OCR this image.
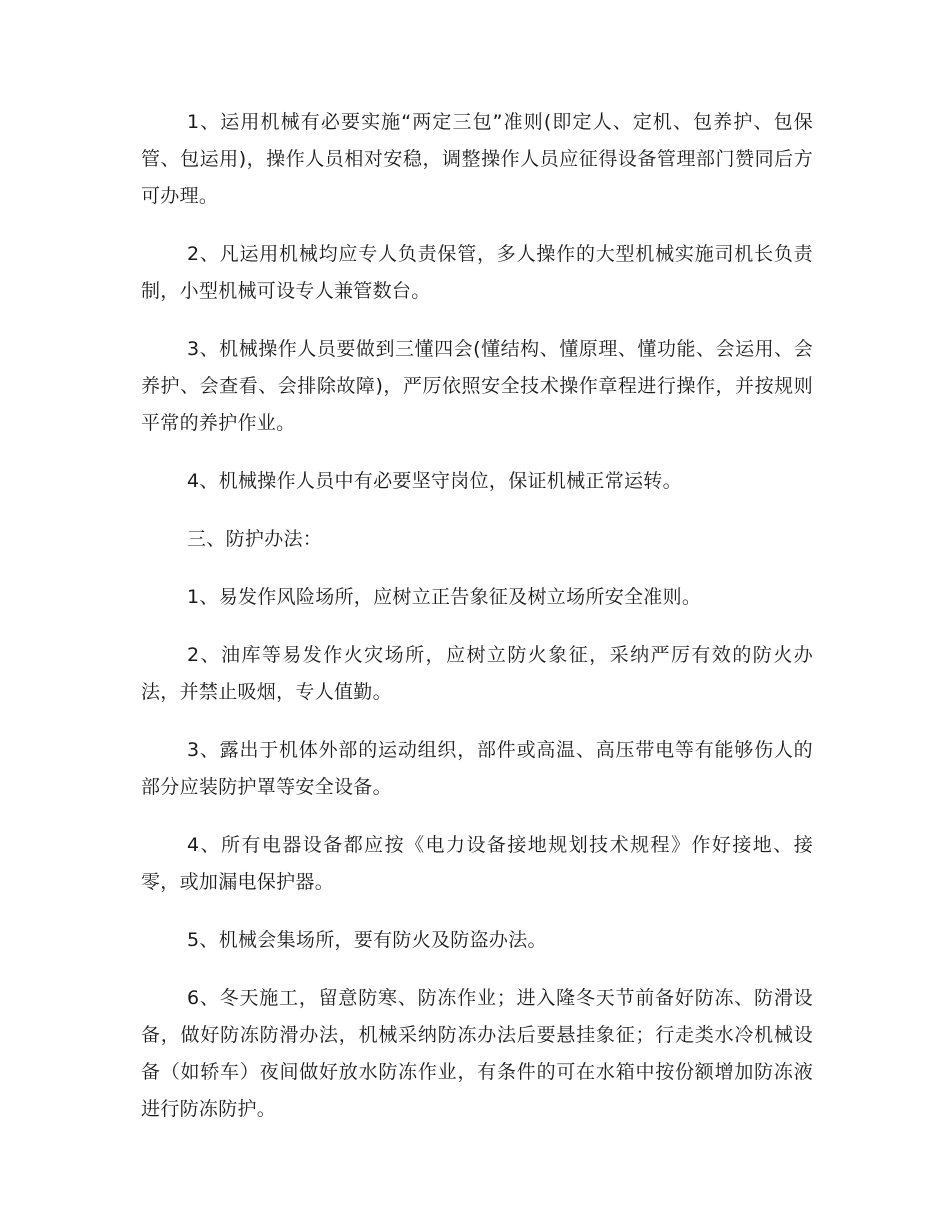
1、运用机械有必要实施“两定三包”准则(即定人、定机、包养护、包保管、包运用)，操作人员相对安稳，调整操作人员应征得设备管理部门赞同后方可办理。

2、凡运用机械均应专人负责保管，多人操作的大型机械实施司机长负责制，小型机械可设专人兼管数台。

3、机械操作人员要做到三懂四会(懂结构、懂原理、懂功能、会运用、会养护、会查看、会排除故障)，严厉依照安全技术操作章程进行操作，并按规则平常的养护作业。

4、机械操作人员中有必要坚守岗位，保证机械正常运转。

三、防护办法：

1、易发作风险场所，应树立正告象征及树立场所安全准则。

2、油库等易发作火灾场所，应树立防火象征，采纳严厉有效的防火办法，并禁止吸烟，专人值勤。

3、露出于机体外部的运动组织，部件或高温、高压带电等有能够伤人的部分应装防护罩等安全设备。

4、所有电器设备都应按《电力设备接地规划技术规程》作好接地、接零，或加漏电保护器。

5、机械会集场所，要有防火及防盗办法。

6、冬天施工，留意防寒、防冻作业；进入隆冬天节前备好防冻、防滑设备，做好防冻防滑办法，机械采纳防冻办法后要悬挂象征；行走类水冷机械设备（如轿车）夜间做好放水防冻作业，有条件的可在水箱中按份额增加防冻液进行防冻防护。
